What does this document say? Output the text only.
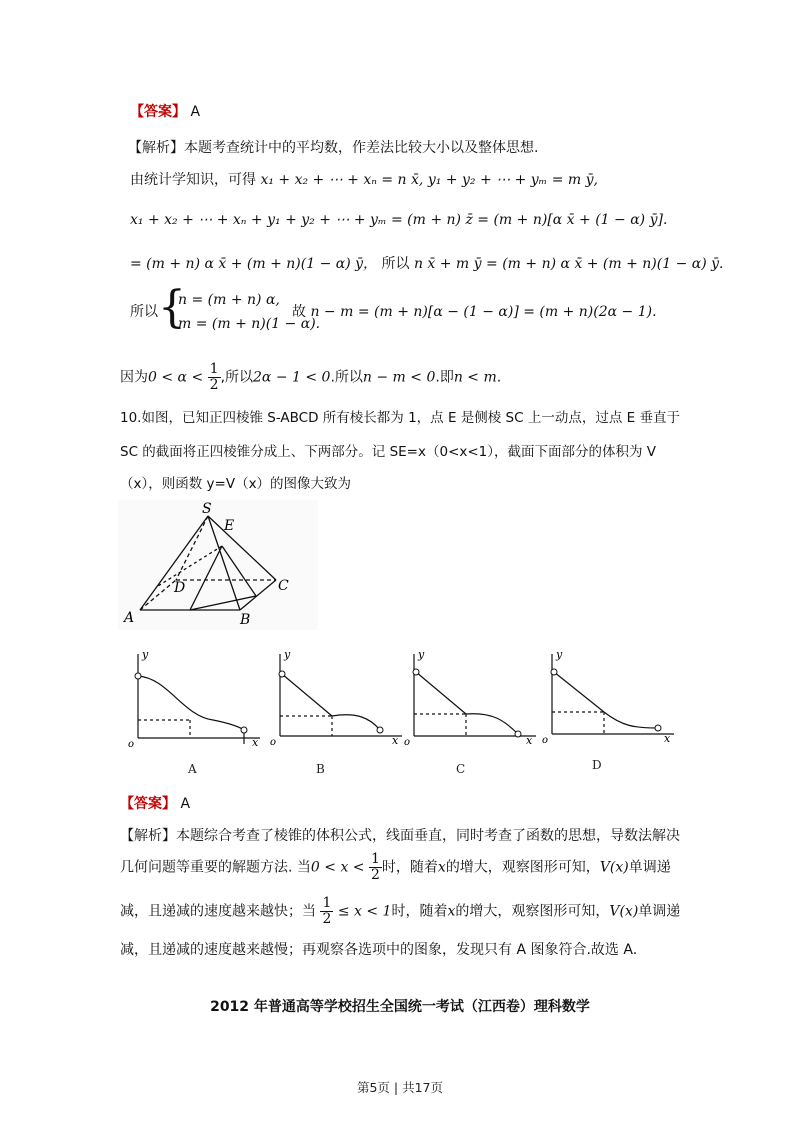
【答案】 A
【解析】本题考查统计中的平均数，作差法比较大小以及整体思想.
由统计学知识，可得 x₁ + x₂ + ⋯ + xₙ = n x̄, y₁ + y₂ + ⋯ + yₘ = m ȳ,
x₁ + x₂ + ⋯ + xₙ + y₁ + y₂ + ⋯ + yₘ = (m + n) z̄ = (m + n)[α x̄ + (1 − α) ȳ].
= (m + n) α x̄ + (m + n)(1 − α) ȳ， 所以 n x̄ + m ȳ = (m + n) α x̄ + (m + n)(1 − α) ȳ.
所以 {
n = (m + n) α,
m = (m + n)(1 − α).
故 n − m = (m + n)[α − (1 − α)] = (m + n)(2α − 1).
因为$0 < \alpha < \frac{1}{2}$ ,所以2α − 1 < 0.所以n − m < 0.即n < m.
10.如图，已知正四棱锥 S-ABCD 所有棱长都为 1，点 E 是侧棱 SC 上一动点，过点 E 垂直于
SC 的截面将正四棱锥分成上、下两部分。记 SE=x（0<x<1），截面下面部分的体积为 V
（x），则函数 y=V（x）的图像大致为
S
E
D	C
A	B
y
x
o
A
y
x
o
B
y
x
o
C
y
x
o
D
【答案】 A
【解析】本题综合考查了棱锥的体积公式，线面垂直，同时考查了函数的思想，导数法解决
几何问题等重要的解题方法. 当$0 < x < \frac{1}{2}$ 时，随着x的增大，观察图形可知，V(x)单调递
减，且递减的速度越来越快；当 $\frac{1}{2} \le x < 1$时，随着x的增大，观察图形可知，V(x)单调递
减，且递减的速度越来越慢；再观察各选项中的图象，发现只有 A 图象符合.故选 A.
2012 年普通高等学校招生全国统一考试（江西卷）理科数学
第5页 | 共17页
